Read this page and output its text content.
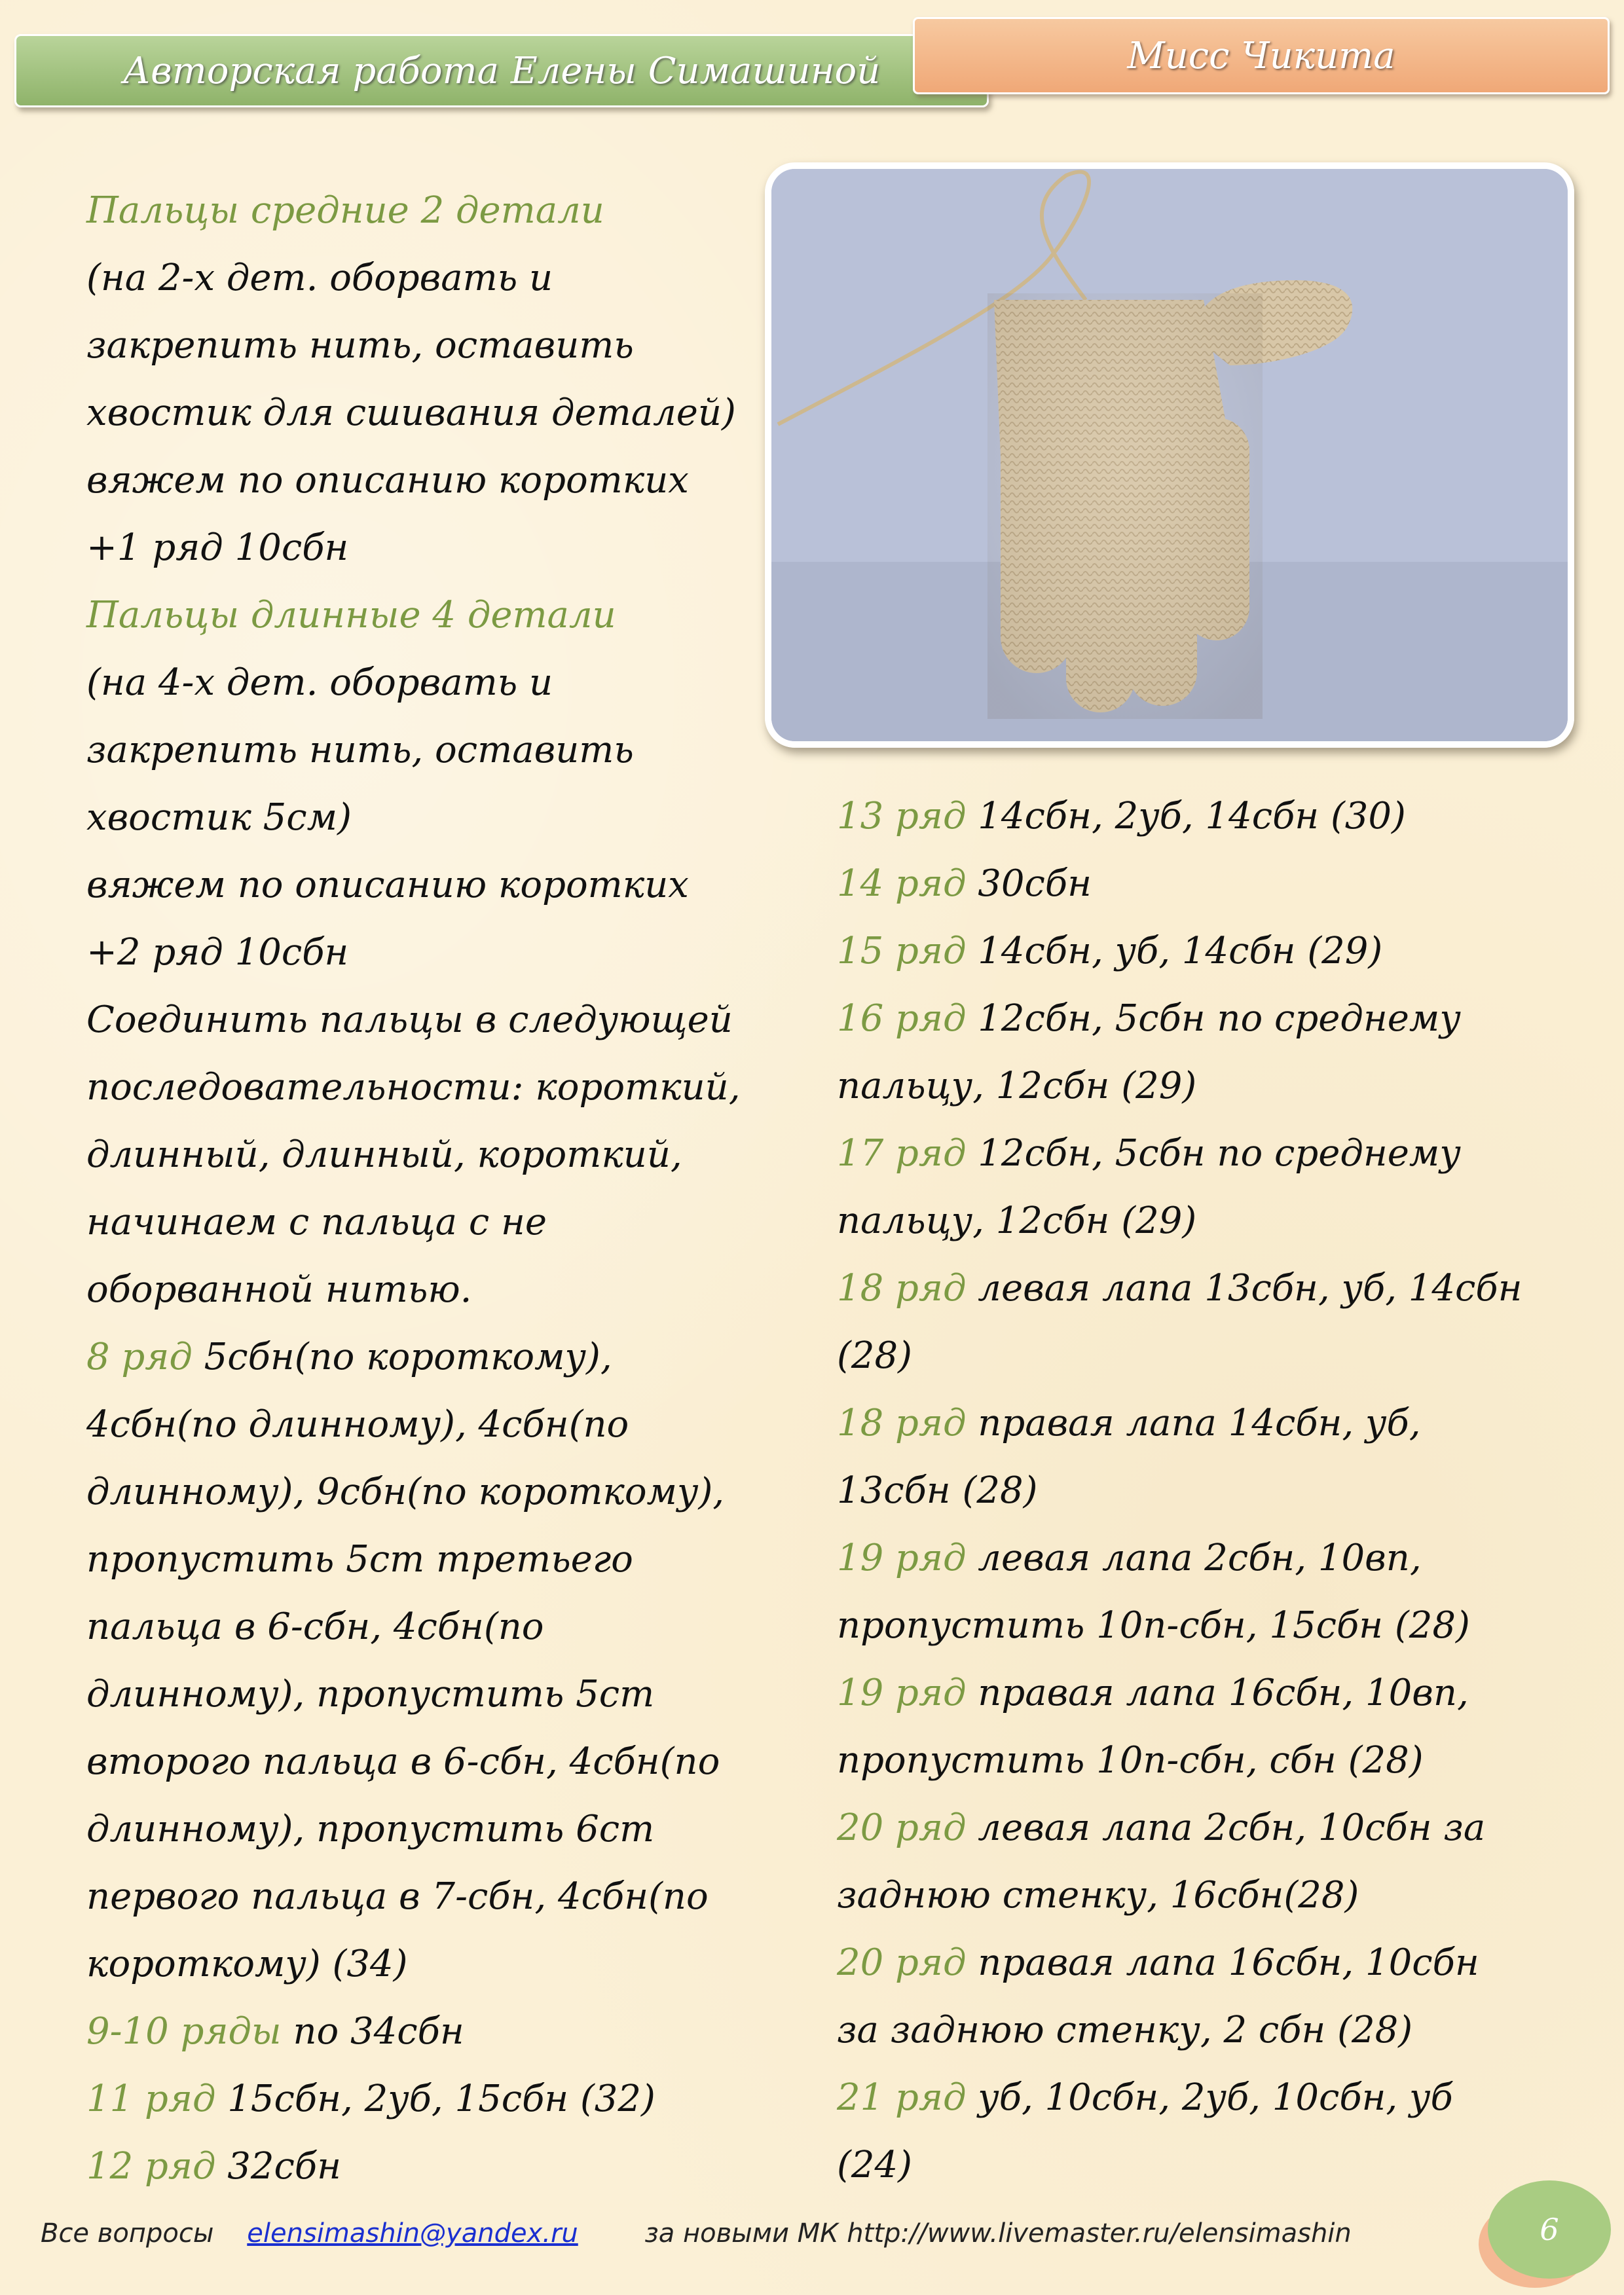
Авторская работа Елены Симашиной	Мисс Чикита
Пальцы средние 2 детали
(на 2-х дет. оборвать и
закрепить нить, оставить
хвостик для сшивания деталей)
вяжем по описанию коротких
+1 ряд 10сбн
Пальцы длинные 4 детали
(на 4-х дет. оборвать и
закрепить нить, оставить
хвостик 5см)
вяжем по описанию коротких
+2 ряд 10сбн
Соединить пальцы в следующей
последовательности: короткий,
длинный, длинный, короткий,
начинаем с пальца с не
оборванной нитью.
8 ряд 5сбн(по короткому),
4сбн(по длинному), 4сбн(по
длинному), 9сбн(по короткому),
пропустить 5ст третьего
пальца в 6-сбн, 4сбн(по
длинному), пропустить 5ст
второго пальца в 6-сбн, 4сбн(по
длинному), пропустить 6ст
первого пальца в 7-сбн, 4сбн(по
короткому) (34)
9-10 ряды по 34сбн
11 ряд 15сбн, 2уб, 15сбн (32)
12 ряд 32сбн
13 ряд 14сбн, 2уб, 14сбн (30)
14 ряд 30сбн
15 ряд 14сбн, уб, 14сбн (29)
16 ряд 12сбн, 5сбн по среднему
пальцу, 12сбн (29)
17 ряд 12сбн, 5сбн по среднему
пальцу, 12сбн (29)
18 ряд левая лапа 13сбн, уб, 14сбн
(28)
18 ряд правая лапа 14сбн, уб,
13сбн (28)
19 ряд левая лапа 2сбн, 10вп,
пропустить 10п-сбн, 15сбн (28)
19 ряд правая лапа 16сбн, 10вп,
пропустить 10п-сбн, сбн (28)
20 ряд левая лапа 2сбн, 10сбн за
заднюю стенку, 16сбн(28)
20 ряд правая лапа 16сбн, 10сбн
за заднюю стенку, 2 сбн (28)
21 ряд уб, 10сбн, 2уб, 10сбн, уб
(24)
Все вопросы elensimashin@yandex.ru	за новыми МК http://www.livemaster.ru/elensimashin	6
